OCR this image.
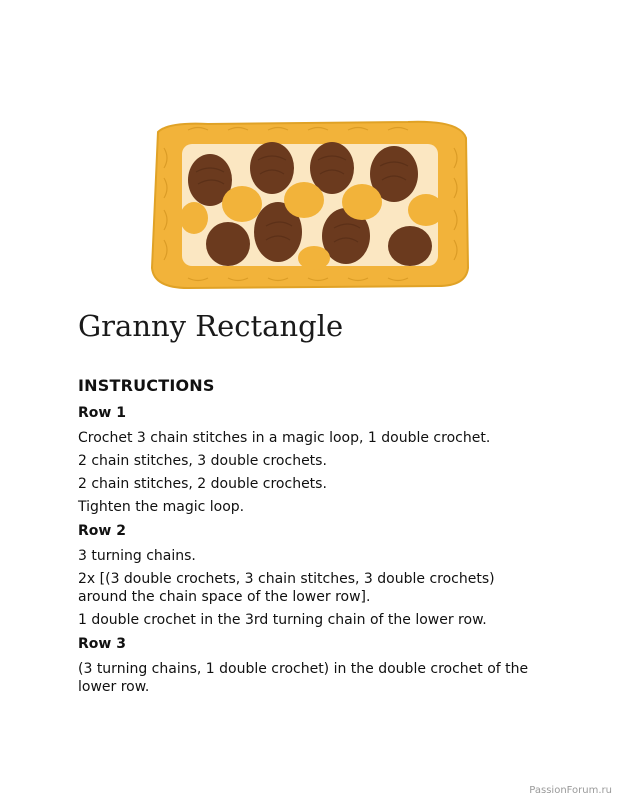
Granny Rectangle
INSTRUCTIONS
Row 1

Crochet 3 chain stitches in a magic loop, 1 double crochet.

2 chain stitches, 3 double crochets.

2 chain stitches, 2 double crochets.

Tighten the magic loop.

Row 2

3 turning chains.

2x [(3 double crochets, 3 chain stitches, 3 double crochets) around the chain space of the lower row].

1 double crochet in the 3rd turning chain of the lower row.

Row 3

(3 turning chains, 1 double crochet) in the double crochet of the lower row.

PassionForum.ru
